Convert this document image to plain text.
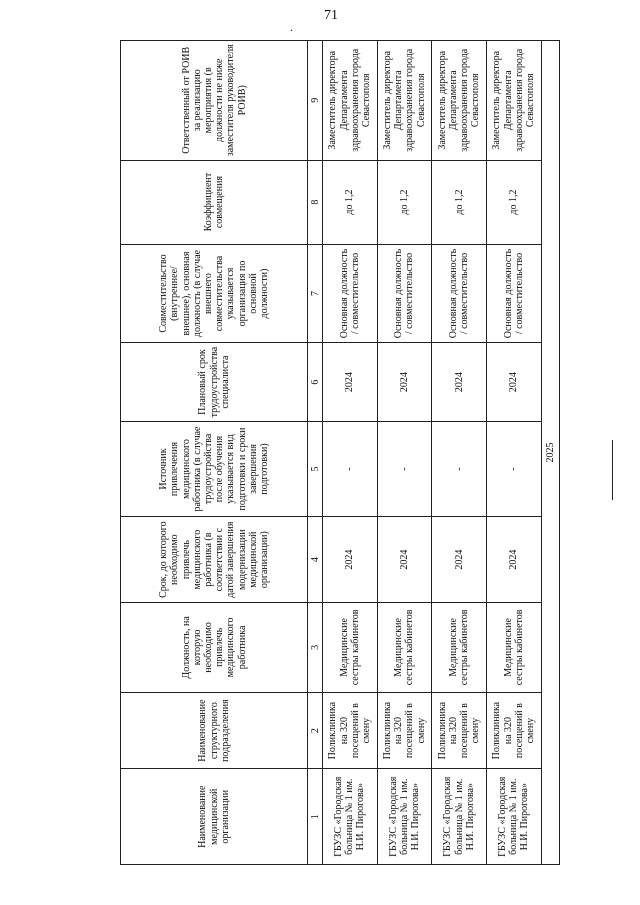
.
71
Наименование медицинской организации	Наименование структурного подразделения	Должность, на которую необходимо привлечь медицинского работника	Срок, до которого необходимо привлечь медицинского работника (в соответствии с датой завершения модернизации медицинской организации)	Источник привлечения медицинского работника (в случае трудоустройства после обучения указывается вид подготовки и сроки завершения подготовки)	Плановый срок трудоустройства специалиста	Совместительство (внутреннее/внешнее), основная должность (в случае внешнего совместительства указывается организация по основной должности)	Коэффициент совмещения	Ответственный от РОИВ за реализацию мероприятия (в должности не ниже заместителя руководителя РОИВ)
1	2	3	4	5	6	7	8	9
ГБУЗС «Городская больница № 1 им. Н.И. Пирогова»	Поликлиника на 320 посещений в смену	Медицинские сестры кабинетов	2024	-	2024	Основная должность / совместительство	до 1,2	Заместитель директора Департамента здравоохранения города Севастополя
ГБУЗС «Городская больница № 1 им. Н.И. Пирогова»	Поликлиника на 320 посещений в смену	Медицинские сестры кабинетов	2024	-	2024	Основная должность / совместительство	до 1,2	Заместитель директора Департамента здравоохранения города Севастополя
ГБУЗС «Городская больница № 1 им. Н.И. Пирогова»	Поликлиника на 320 посещений в смену	Медицинские сестры кабинетов	2024	-	2024	Основная должность / совместительство	до 1,2	Заместитель директора Департамента здравоохранения города Севастополя
ГБУЗС «Городская больница № 1 им. Н.И. Пирогова»	Поликлиника на 320 посещений в смену	Медицинские сестры кабинетов	2024	-	2024	Основная должность / совместительство	до 1,2	Заместитель директора Департамента здравоохранения города Севастополя
2025								
